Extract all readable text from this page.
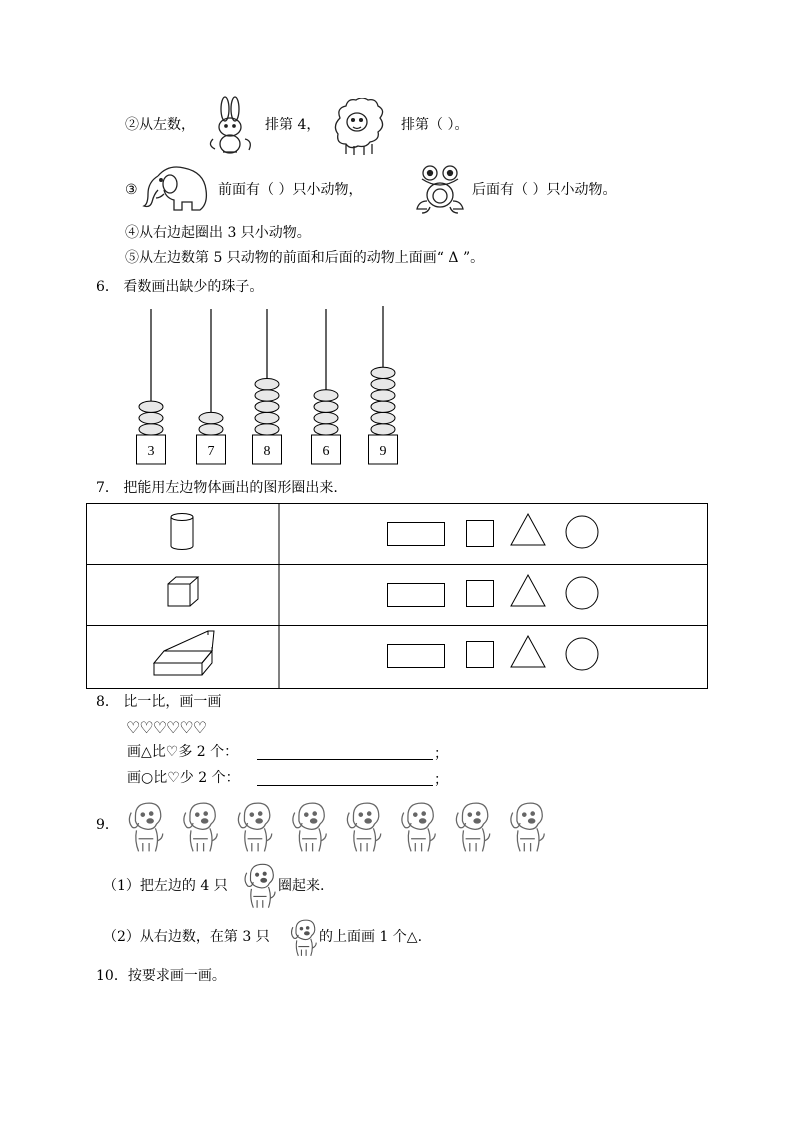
②从左数，	排第 4，	排第（ ）。
③	前面有（ ）只小动物，	后面有（ ）只小动物。
④从右边起圈出 3 只小动物。
⑤从左边数第 5 只动物的前面和后面的动物上面画“ Δ ”。
6． 看数画出缺少的珠子。
3	7	8	6	9
7． 把能用左边物体画出的图形圈出来.
8． 比一比，画一画
♡♡♡♡♡♡
画△比♡多 2 个：	；
画○比♡少 2 个：	；
9．
（1）把左边的 4 只	圈起来.
（2）从右边数，在第 3 只	的上面画 1 个△.
10．按要求画一画。
